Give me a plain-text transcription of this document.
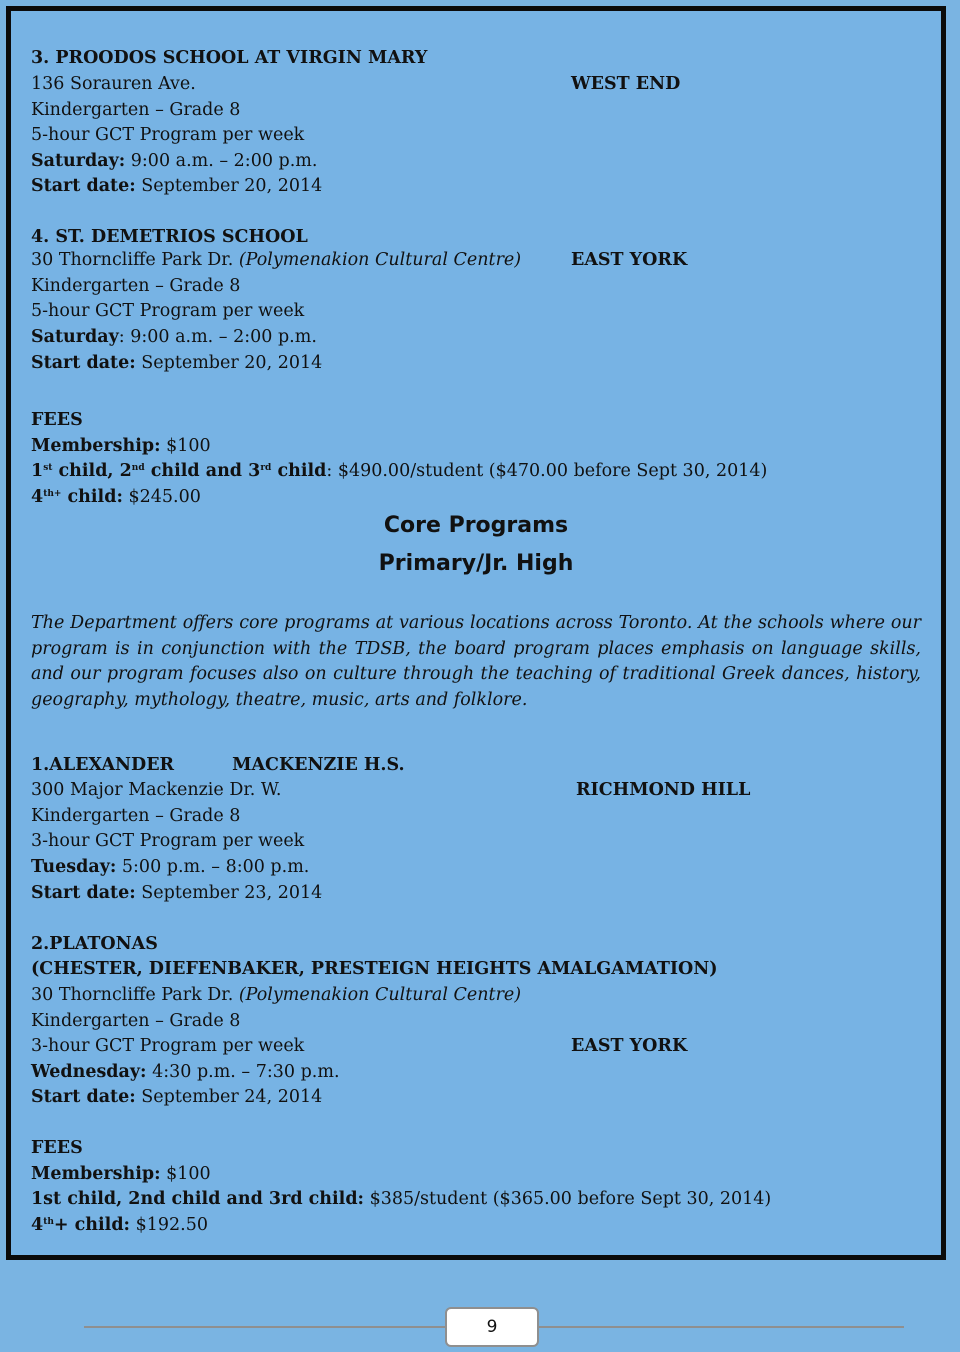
3. PROODOS SCHOOL AT VIRGIN MARY
136 Sorauren Ave.	WEST END
Kindergarten – Grade 8
5-hour GCT Program per week
Saturday: 9:00 a.m. – 2:00 p.m.
Start date: September 20, 2014
4. ST. DEMETRIOS SCHOOL
30 Thorncliffe Park Dr. (Polymenakion Cultural Centre)	EAST YORK
Kindergarten – Grade 8
5-hour GCT Program per week
Saturday: 9:00 a.m. – 2:00 p.m.
Start date: September 20, 2014
FEES
Membership: $100
1st child, 2nd child and 3rd child: $490.00/student ($470.00 before Sept 30, 2014)
$4^{th+}$ child: $245.00
Core Programs
Primary/Jr. High
The Department offers core programs at various locations across Toronto. At the schools where our program is in conjunction with the TDSB, the board program places emphasis on language skills, and our program focuses also on culture through the teaching of traditional Greek dances, history, geography, mythology, theatre, music, arts and folklore.
1.ALEXANDER	MACKENZIE H.S.
300 Major Mackenzie Dr. W.	RICHMOND HILL
Kindergarten – Grade 8
3-hour GCT Program per week
Tuesday: 5:00 p.m. – 8:00 p.m.
Start date: September 23, 2014
2.PLATONAS
(CHESTER, DIEFENBAKER, PRESTEIGN HEIGHTS AMALGAMATION)
30 Thorncliffe Park Dr. (Polymenakion Cultural Centre)
Kindergarten – Grade 8
3-hour GCT Program per week	EAST YORK
Wednesday: 4:30 p.m. – 7:30 p.m.
Start date: September 24, 2014
FEES
Membership: $100
1st child, 2nd child and 3rd child: $385/student ($365.00 before Sept 30, 2014)
4th+ child: $192.50
9
